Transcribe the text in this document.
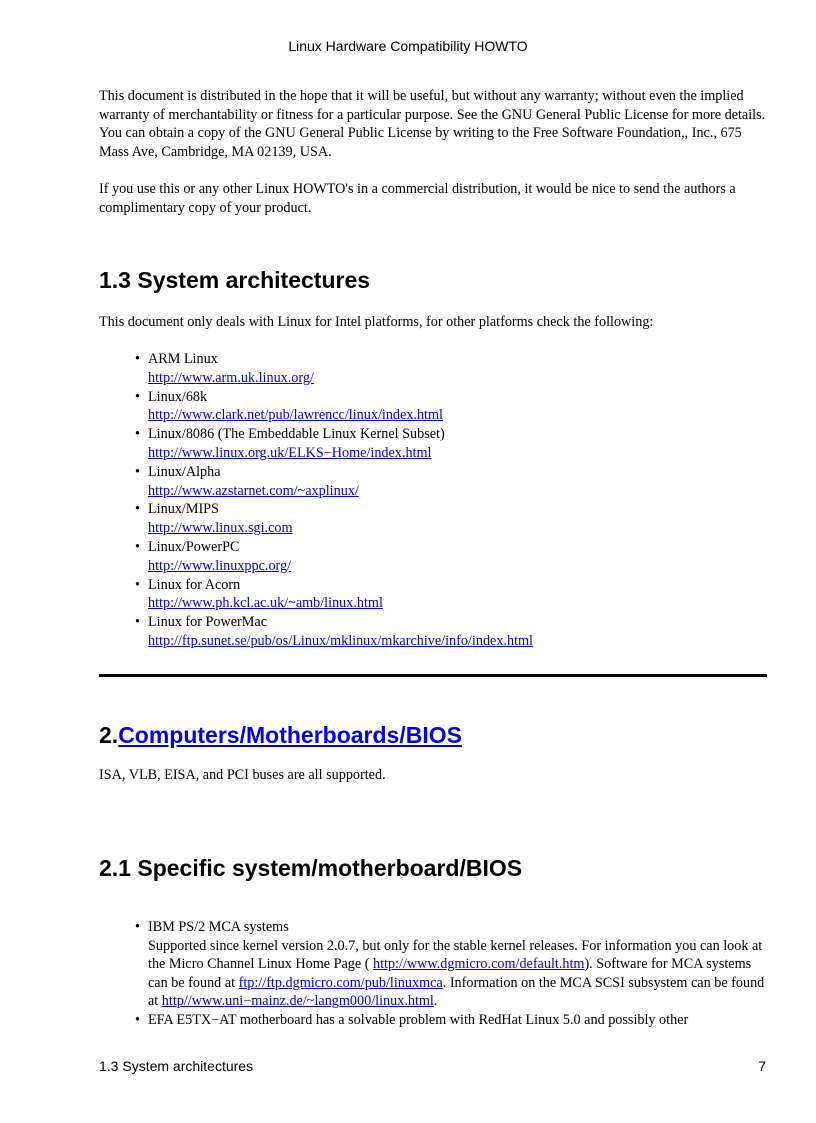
Linux Hardware Compatibility HOWTO

This document is distributed in the hope that it will be useful, but without any warranty; without even the implied warranty of merchantability or fitness for a particular purpose. See the GNU General Public License for more details. You can obtain a copy of the GNU General Public License by writing to the Free Software Foundation,, Inc., 675 Mass Ave, Cambridge, MA 02139, USA.

If you use this or any other Linux HOWTO's in a commercial distribution, it would be nice to send the authors a complimentary copy of your product.

1.3 System architectures

This document only deals with Linux for Intel platforms, for other platforms check the following:

• ARM Linux
http://www.arm.uk.linux.org/
• Linux/68k
http://www.clark.net/pub/lawrencc/linux/index.html
• Linux/8086 (The Embeddable Linux Kernel Subset)
http://www.linux.org.uk/ELKS−Home/index.html
• Linux/Alpha
http://www.azstarnet.com/~axplinux/
• Linux/MIPS
http://www.linux.sgi.com
• Linux/PowerPC
http://www.linuxppc.org/
• Linux for Acorn
http://www.ph.kcl.ac.uk/~amb/linux.html
• Linux for PowerMac
http://ftp.sunet.se/pub/os/Linux/mklinux/mkarchive/info/index.html
2.Computers/Motherboards/BIOS

ISA, VLB, EISA, and PCI buses are all supported.

2.1 Specific system/motherboard/BIOS
• IBM PS/2 MCA systems
Supported since kernel version 2.0.7, but only for the stable kernel releases. For information you can look at the Micro Channel Linux Home Page ( http://www.dgmicro.com/default.htm). Software for MCA systems can be found at ftp://ftp.dgmicro.com/pub/linuxmca. Information on the MCA SCSI subsystem can be found at http//www.uni−mainz.de/~langm000/linux.html.
• EFA E5TX−AT motherboard has a solvable problem with RedHat Linux 5.0 and possibly other
1.3 System architectures	7
